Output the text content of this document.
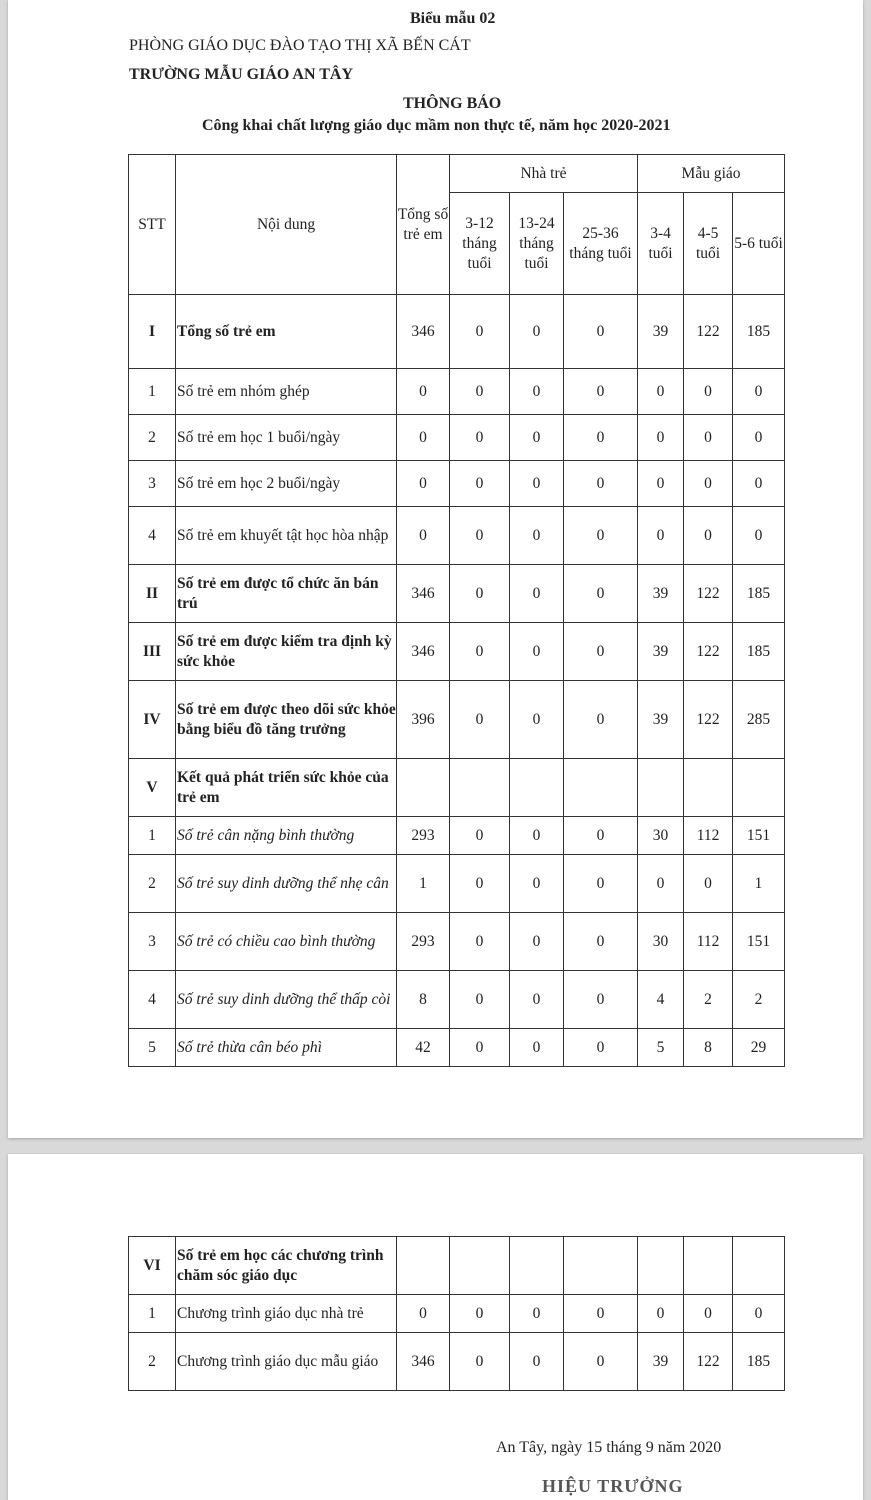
Biểu mẫu 02
PHÒNG GIÁO DỤC ĐÀO TẠO THỊ XÃ BẾN CÁT
TRƯỜNG MẪU GIÁO AN TÂY
THÔNG BÁO
Công khai chất lượng giáo dục mầm non thực tế, năm học 2020-2021
STT	Nội dung	Tổng số trẻ em	Nhà trẻ			Mẫu giáo		
			3-12 tháng tuổi	13-24 tháng tuổi	25-36 tháng tuổi	3-4 tuổi	4-5 tuổi	5-6 tuổi
I	Tổng số trẻ em	346	0	0	0	39	122	185
1	Số trẻ em nhóm ghép	0	0	0	0	0	0	0
2	Số trẻ em học 1 buổi/ngày	0	0	0	0	0	0	0
3	Số trẻ em học 2 buổi/ngày	0	0	0	0	0	0	0
4	Số trẻ em khuyết tật học hòa nhập	0	0	0	0	0	0	0
II	Số trẻ em được tổ chức ăn bán trú	346	0	0	0	39	122	185
III	Số trẻ em được kiểm tra định kỳ sức khỏe	346	0	0	0	39	122	185
IV	Số trẻ em được theo dõi sức khỏe bằng biểu đồ tăng trưởng	396	0	0	0	39	122	285
V	Kết quả phát triển sức khỏe của trẻ em							
1	Số trẻ cân nặng bình thường	293	0	0	0	30	112	151
2	Số trẻ suy dinh dưỡng thể nhẹ cân	1	0	0	0	0	0	1
3	Số trẻ có chiều cao bình thường	293	0	0	0	30	112	151
4	Số trẻ suy dinh dưỡng thể thấp còi	8	0	0	0	4	2	2
5	Số trẻ thừa cân béo phì	42	0	0	0	5	8	29
VI	Số trẻ em học các chương trình chăm sóc giáo dục							
1	Chương trình giáo dục nhà trẻ	0	0	0	0	0	0	0
2	Chương trình giáo dục mẫu giáo	346	0	0	0	39	122	185
An Tây, ngày 15 tháng 9 năm 2020
HIỆU TRƯỞNG
